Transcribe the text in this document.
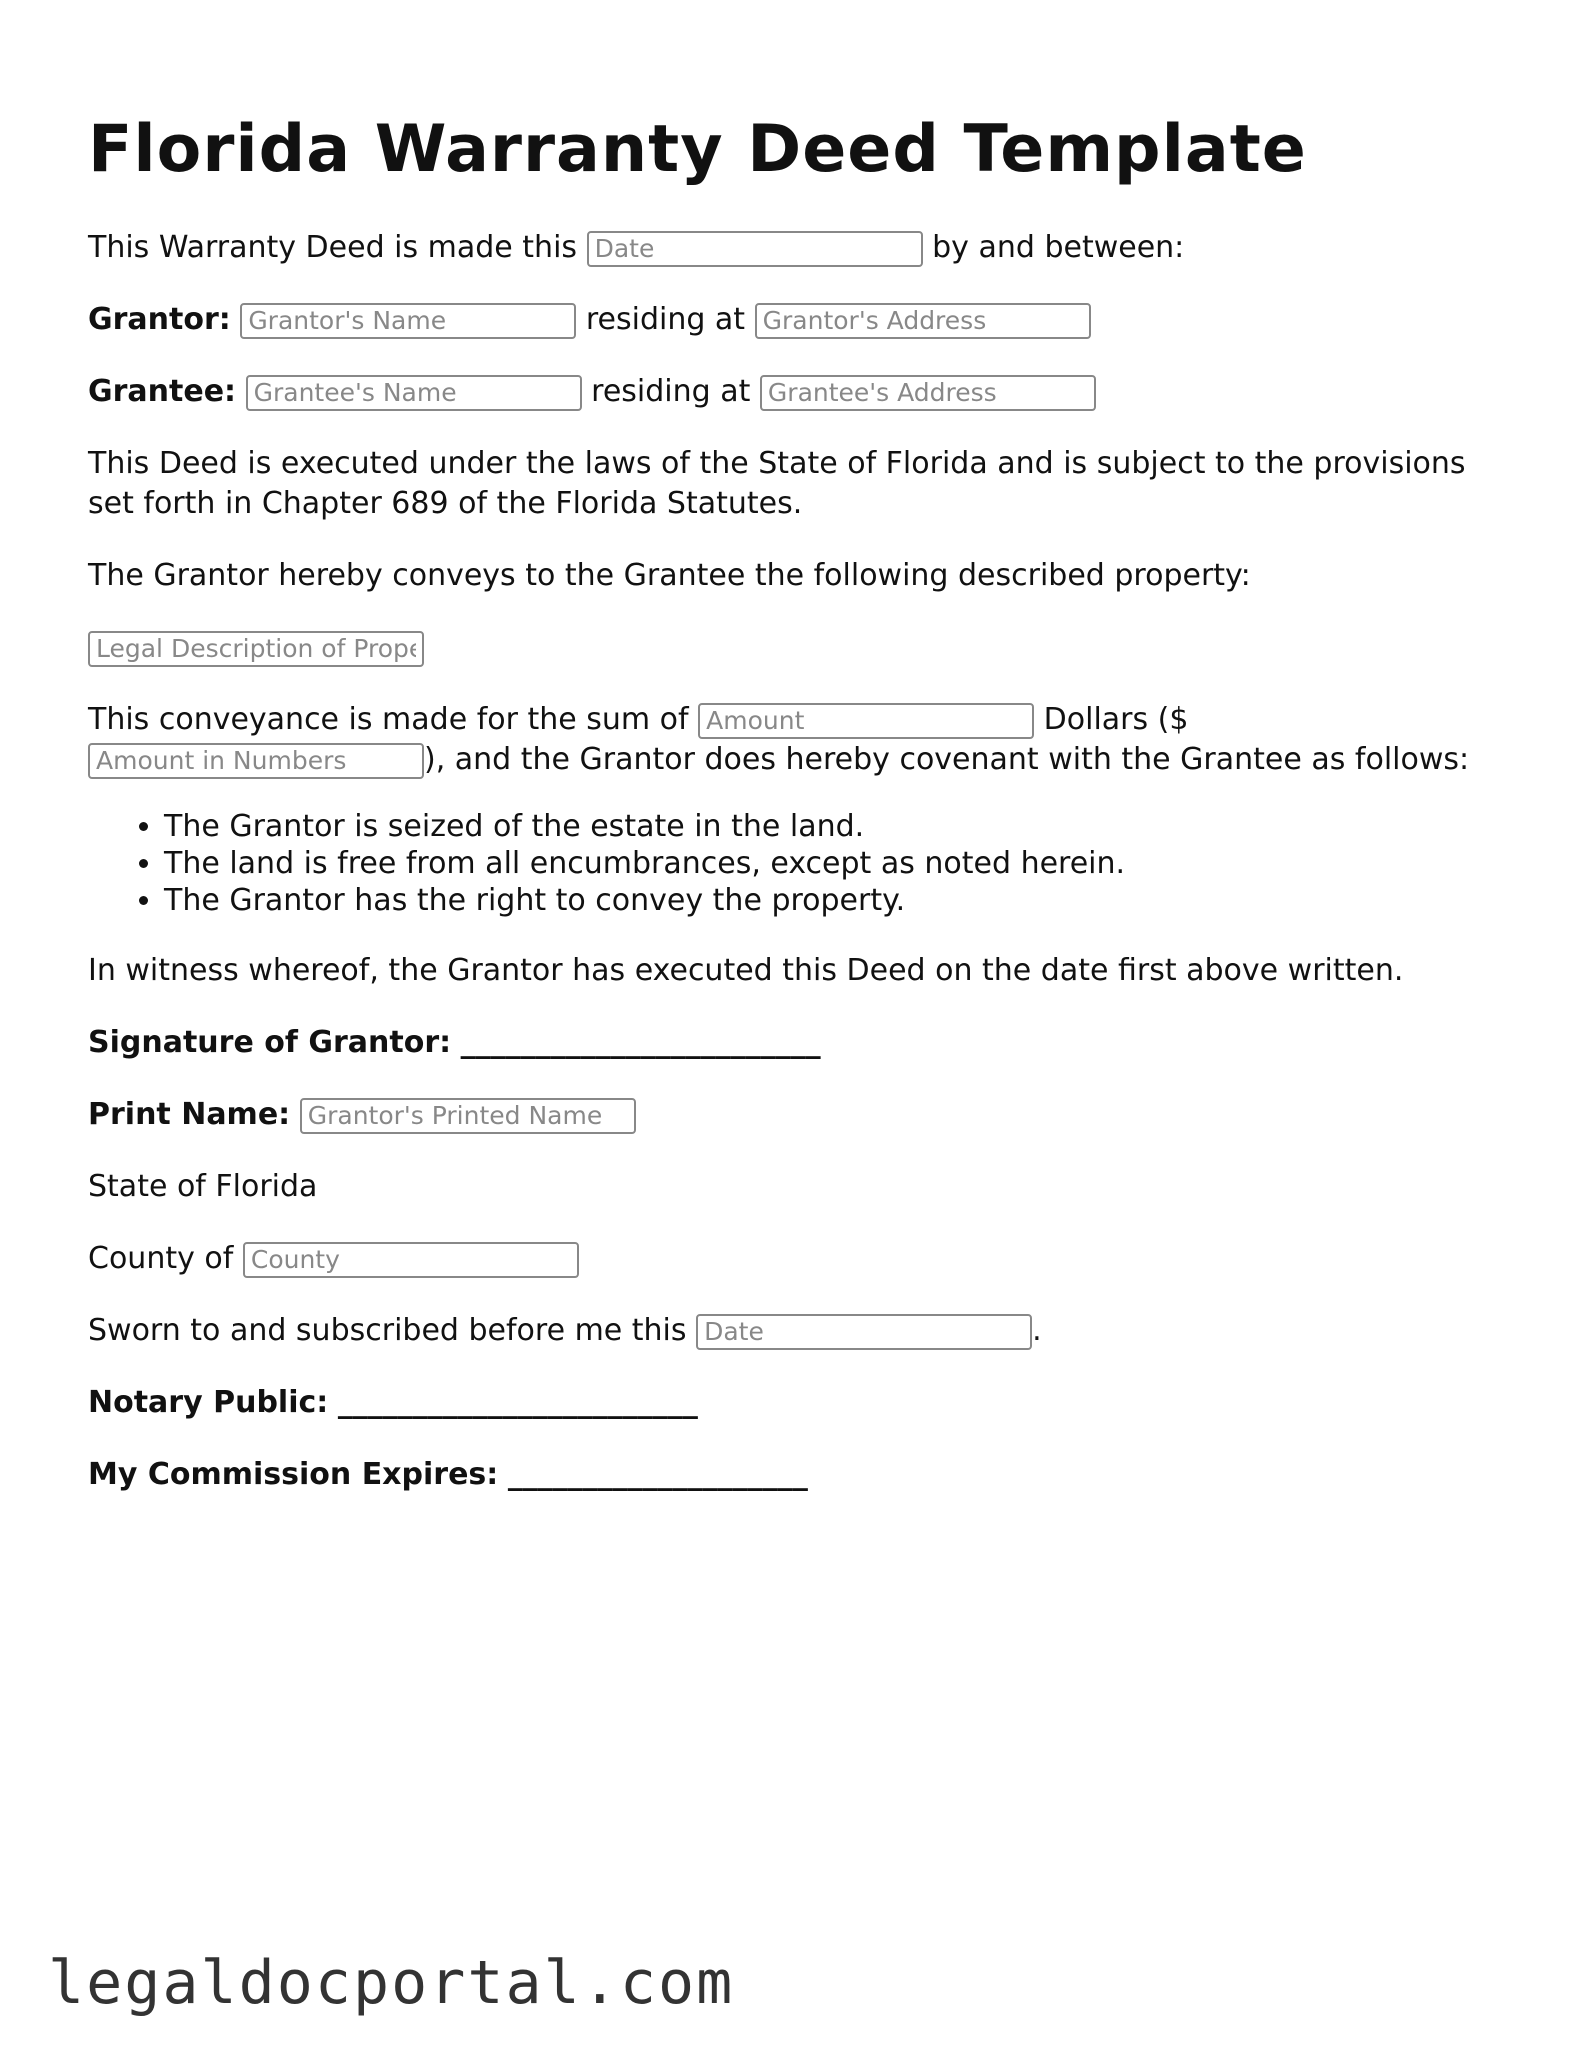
Florida Warranty Deed Template
This Warranty Deed is made this Date	by and between:
Grantor: Grantor's Name	residing at Grantor's Address
Grantee: Grantee's Name	residing at Grantee's Address

This Deed is executed under the laws of the State of Florida and is subject to the provisions set forth in Chapter 689 of the Florida Statutes.

The Grantor hereby conveys to the Grantee the following described property:

Legal Description of Property
This conveyance is made for the sum of Amount	Dollars ($Amount in Numbers), and the Grantor does hereby covenant with the Grantee as follows:
• The Grantor is seized of the estate in the land.
• The land is free from all encumbrances, except as noted herein.
• The Grantor has the right to convey the property.

In witness whereof, the Grantor has executed this Deed on the date first above written.

Signature of Grantor: ________________________
Print Name: Grantor's Printed Name

State of Florida

County of County
Sworn to and subscribed before me this Date	.
Notary Public: ________________________
My Commission Expires: ____________________
legaldocportal.com
